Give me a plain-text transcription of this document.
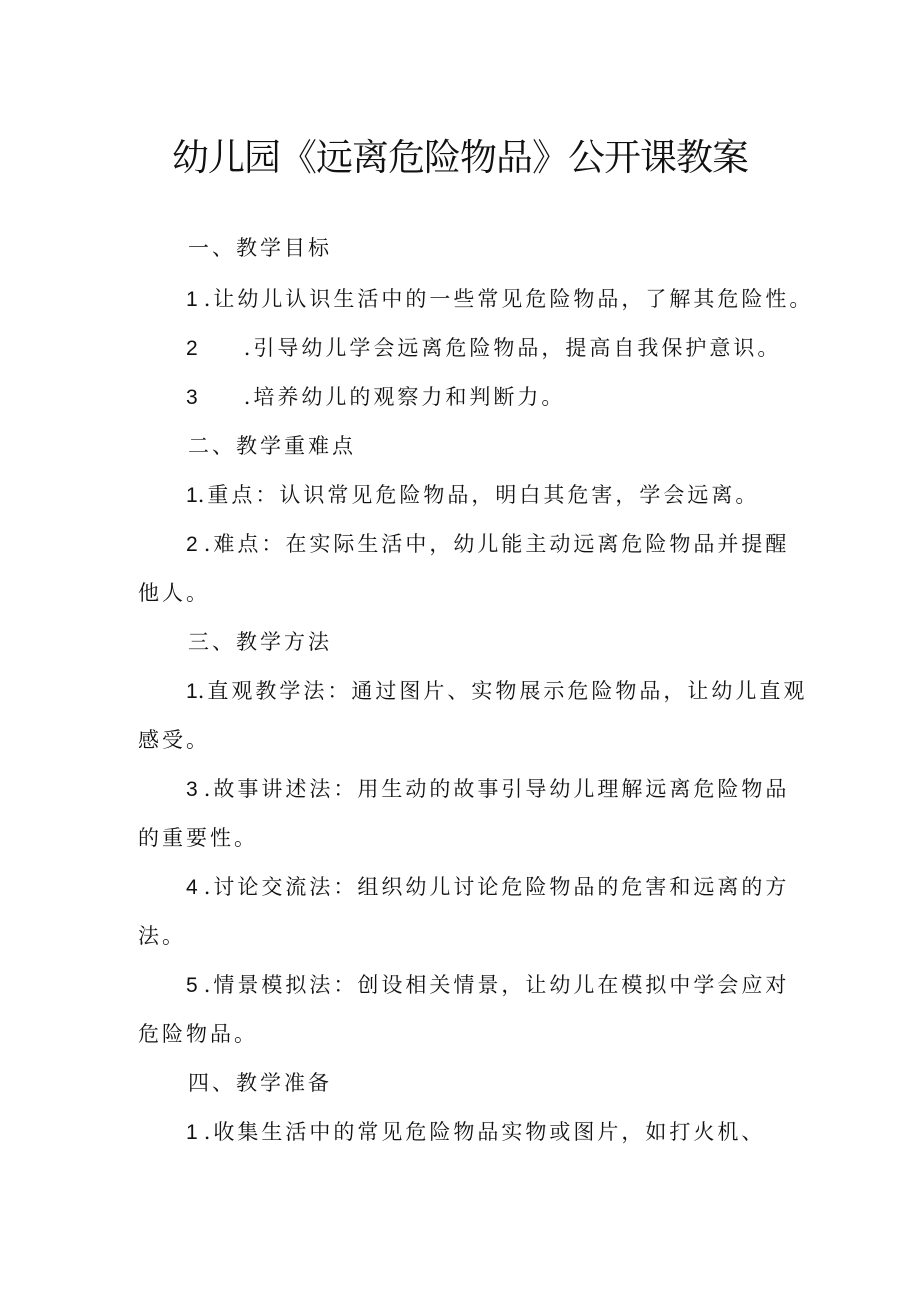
幼儿园《远离危险物品》公开课教案
一、教学目标
1 .让幼儿认识生活中的一些常见危险物品，了解其危险性。
2 .引导幼儿学会远离危险物品，提高自我保护意识。
3 .培养幼儿的观察力和判断力。
二、教学重难点
1.重点：认识常见危险物品，明白其危害，学会远离。
2 .难点：在实际生活中，幼儿能主动远离危险物品并提醒
他人。
三、教学方法
1.直观教学法：通过图片、实物展示危险物品，让幼儿直观
感受。
3 .故事讲述法：用生动的故事引导幼儿理解远离危险物品
的重要性。
4 .讨论交流法：组织幼儿讨论危险物品的危害和远离的方
法。
5 .情景模拟法：创设相关情景，让幼儿在模拟中学会应对
危险物品。
四、教学准备
1 .收集生活中的常见危险物品实物或图片，如打火机、
